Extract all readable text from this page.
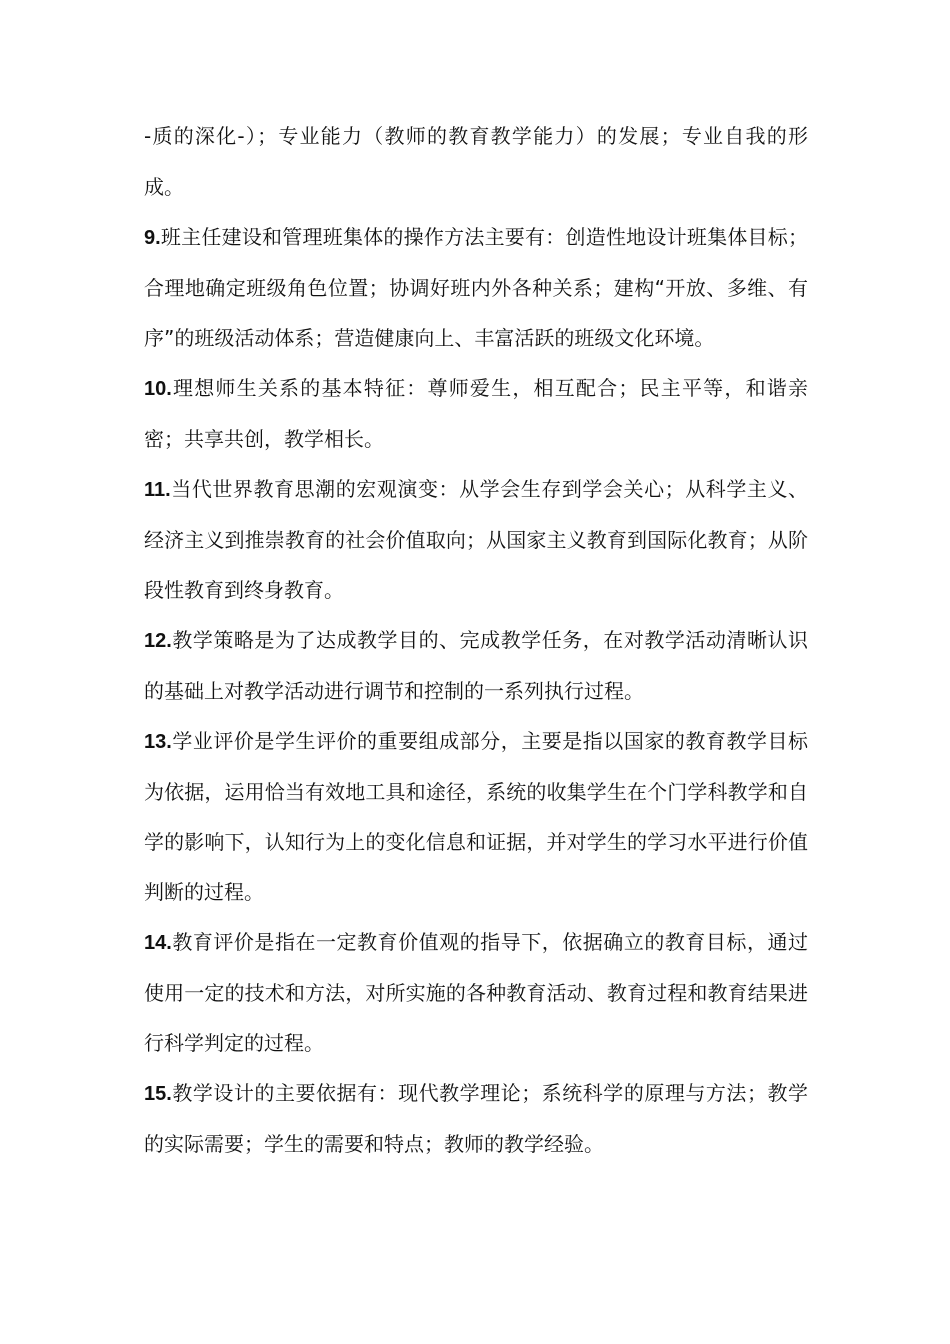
-质的深化-）；专业能力（教师的教育教学能力）的发展；专业自我的形成。

9.班主任建设和管理班集体的操作方法主要有：创造性地设计班集体目标；合理地确定班级角色位置；协调好班内外各种关系；建构“开放、多维、有序”的班级活动体系；营造健康向上、丰富活跃的班级文化环境。

10.理想师生关系的基本特征：尊师爱生，相互配合；民主平等，和谐亲密；共享共创，教学相长。

11.当代世界教育思潮的宏观演变：从学会生存到学会关心；从科学主义、经济主义到推崇教育的社会价值取向；从国家主义教育到国际化教育；从阶段性教育到终身教育。

12.教学策略是为了达成教学目的、完成教学任务，在对教学活动清晰认识的基础上对教学活动进行调节和控制的一系列执行过程。

13.学业评价是学生评价的重要组成部分，主要是指以国家的教育教学目标为依据，运用恰当有效地工具和途径，系统的收集学生在个门学科教学和自学的影响下，认知行为上的变化信息和证据，并对学生的学习水平进行价值判断的过程。

14.教育评价是指在一定教育价值观的指导下，依据确立的教育目标，通过使用一定的技术和方法，对所实施的各种教育活动、教育过程和教育结果进行科学判定的过程。

15.教学设计的主要依据有：现代教学理论；系统科学的原理与方法；教学的实际需要；学生的需要和特点；教师的教学经验。
